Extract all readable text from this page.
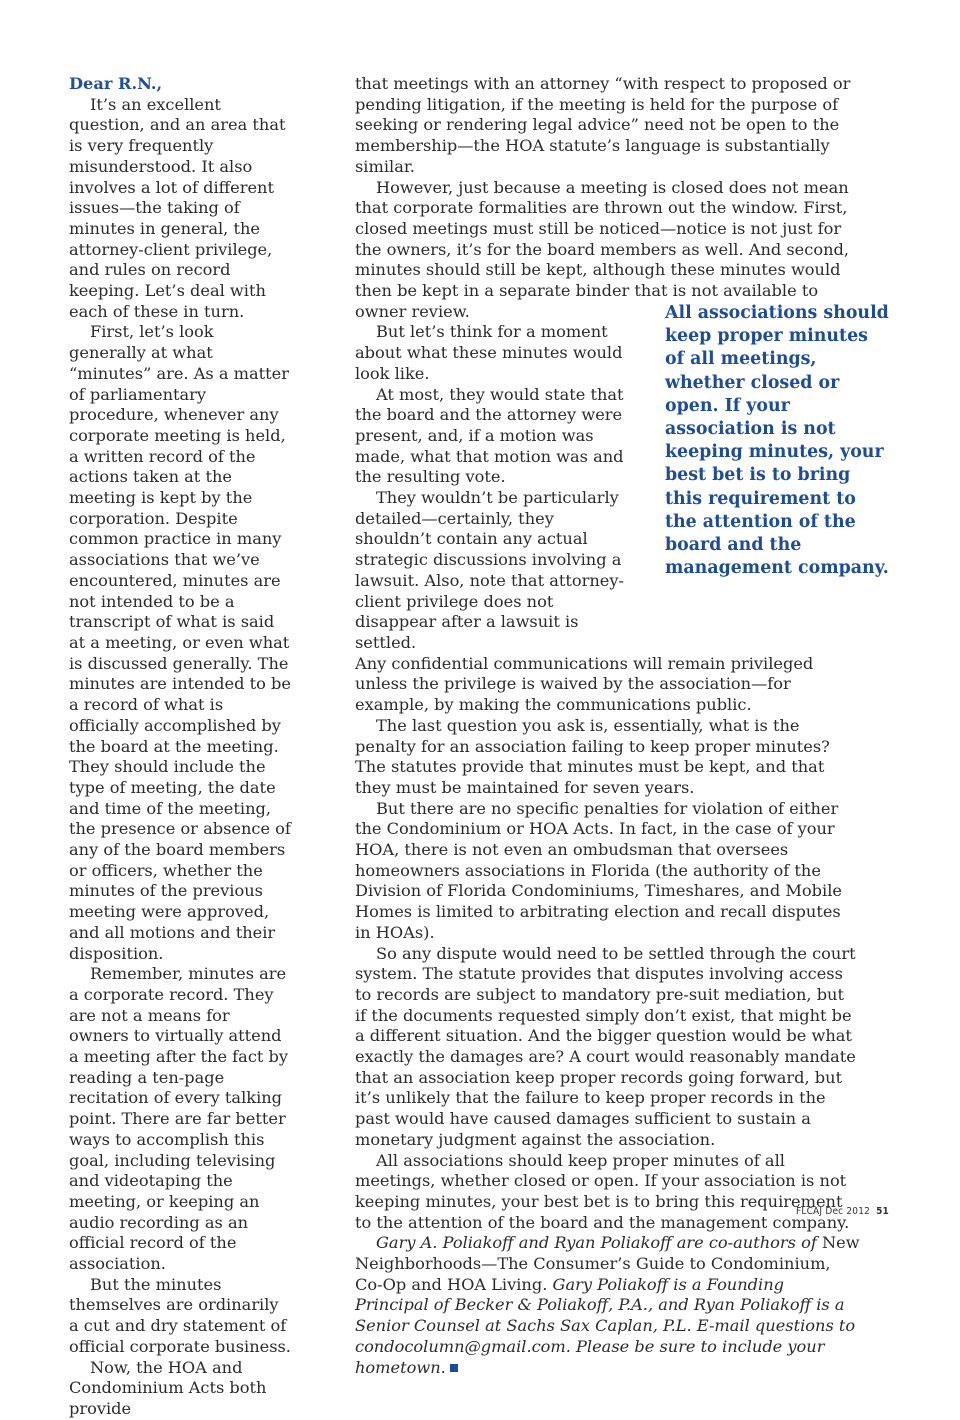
Dear R.N.,

It’s an excellent question, and an area that is very frequently misunderstood. It also involves a lot of different issues—the taking of minutes in general, the attorney-client privilege, and rules on record keeping. Let’s deal with each of these in turn.

First, let’s look generally at what “minutes” are. As a matter of parliamentary procedure, whenever any corporate meeting is held, a written record of the actions taken at the meeting is kept by the corporation. Despite common practice in many associations that we’ve encountered, minutes are not intended to be a transcript of what is said at a meeting, or even what is discussed generally. The minutes are intended to be a record of what is officially accomplished by the board at the meeting. They should include the type of meeting, the date and time of the meeting, the presence or absence of any of the board members or officers, whether the minutes of the previous meeting were approved, and all motions and their disposition.

Remember, minutes are a corporate record. They are not a means for owners to virtually attend a meeting after the fact by reading a ten-page recitation of every talking point. There are far better ways to accomplish this goal, including televising and videotaping the meeting, or keeping an audio recording as an official record of the association.

But the minutes themselves are ordinarily a cut and dry statement of official corporate business.

Now, the HOA and Condominium Acts both provide

that meetings with an attorney “with respect to proposed or pending litigation, if the meeting is held for the purpose of seeking or rendering legal advice” need not be open to the membership—the HOA statute’s language is substantially similar.

However, just because a meeting is closed does not mean that corporate formalities are thrown out the window. First, closed meetings must still be noticed—notice is not just for the owners, it’s for the board members as well. And second, minutes should still be kept, although these minutes would then be kept in a separate binder that is not available to owner review.

But let’s think for a moment about what these minutes would look like.

At most, they would state that the board and the attorney were present, and, if a motion was made, what that motion was and the resulting vote.

They wouldn’t be particularly detailed—certainly, they shouldn’t contain any actual strategic discussions involving a lawsuit. Also, note that attorney-client privilege does not disappear after a lawsuit is settled.

Any confidential communications will remain privileged unless the privilege is waived by the association—for example, by making the communications public.

The last question you ask is, essentially, what is the penalty for an association failing to keep proper minutes? The statutes provide that minutes must be kept, and that they must be maintained for seven years.

But there are no specific penalties for violation of either the Condominium or HOA Acts. In fact, in the case of your HOA, there is not even an ombudsman that oversees homeowners associations in Florida (the authority of the Division of Florida Condominiums, Timeshares, and Mobile Homes is limited to arbitrating election and recall disputes in HOAs).

So any dispute would need to be settled through the court system. The statute provides that disputes involving access to records are subject to mandatory pre-suit mediation, but if the documents requested simply don’t exist, that might be a different situation. And the bigger question would be what exactly the damages are? A court would reasonably mandate that an association keep proper records going forward, but it’s unlikely that the failure to keep proper records in the past would have caused damages sufficient to sustain a monetary judgment against the association.

All associations should keep proper minutes of all meetings, whether closed or open. If your association is not keeping minutes, your best bet is to bring this requirement to the attention of the board and the management company.

Gary A. Poliakoff and Ryan Poliakoff are co-authors of New Neighborhoods—The Consumer’s Guide to Condominium, Co-Op and HOA Living. Gary Poliakoff is a Founding Principal of Becker & Poliakoff, P.A., and Ryan Poliakoff is a Senior Counsel at Sachs Sax Caplan, P.L. E-mail questions to condocolumn@gmail.com. Please be sure to include your hometown.

All associations should keep proper minutes of all meetings, whether closed or open. If your association is not keeping minutes, your best bet is to bring this requirement to the attention of the board and the management company.
FLCAJ Dec 2012 51
